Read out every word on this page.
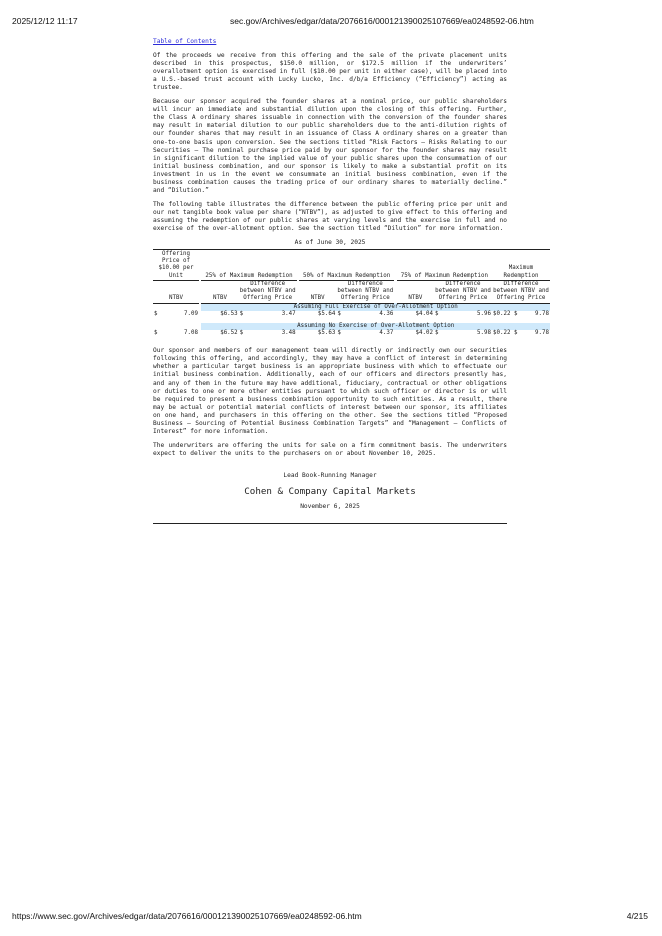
2025/12/12 11:17	sec.gov/Archives/edgar/data/2076616/000121390025107669/ea0248592-06.htm
Table of Contents

Of the proceeds we receive from this offering and the sale of the private placement units described in this prospectus, $150.0 million, or $172.5 million if the underwriters’ overallotment option is exercised in full ($10.00 per unit in either case), will be placed into a U.S.-based trust account with Lucky Lucko, Inc. d/b/a Efficiency (“Efficiency”) acting as trustee.

Because our sponsor acquired the founder shares at a nominal price, our public shareholders will incur an immediate and substantial dilution upon the closing of this offering. Further, the Class A ordinary shares issuable in connection with the conversion of the founder shares may result in material dilution to our public shareholders due to the anti-dilution rights of our founder shares that may result in an issuance of Class A ordinary shares on a greater than one-to-one basis upon conversion. See the sections titled “Risk Factors — Risks Relating to our Securities — The nominal purchase price paid by our sponsor for the founder shares may result in significant dilution to the implied value of your public shares upon the consummation of our initial business combination, and our sponsor is likely to make a substantial profit on its investment in us in the event we consummate an initial business combination, even if the business combination causes the trading price of our ordinary shares to materially decline.” and “Dilution.”

The following table illustrates the difference between the public offering price per unit and our net tangible book value per share (“NTBV”), as adjusted to give effect to this offering and assuming the redemption of our public shares at varying levels and the exercise in full and no exercise of the over-allotment option. See the section titled “Dilution” for more information.

As of June 30, 2025

Offering Price of $10.00 per Unit		25% of Maximum Redemption			50% of Maximum Redemption			75% of Maximum Redemption		Maximum Redemption
NTBV		NTBV	Difference between NTBV and Offering Price		NTBV	Difference between NTBV and Offering Price		NTBV	Difference between NTBV and Offering Price	Difference between NTBV and Offering Price
		Assuming Full Exercise of Over-Allotment Option								

$ 7.09		$6.53	$ 3.47		$5.64	$ 4.36		$4.04	$ 5.96	$0.22 $ 9.78

		Assuming No Exercise of Over-Allotment Option								

$ 7.08		$6.52	$ 3.48		$5.63	$ 4.37		$4.02	$ 5.98	$0.22 $ 9.78

Our sponsor and members of our management team will directly or indirectly own our securities following this offering, and accordingly, they may have a conflict of interest in determining whether a particular target business is an appropriate business with which to effectuate our initial business combination. Additionally, each of our officers and directors presently has, and any of them in the future may have additional, fiduciary, contractual or other obligations or duties to one or more other entities pursuant to which such officer or director is or will be required to present a business combination opportunity to such entities. As a result, there may be actual or potential material conflicts of interest between our sponsor, its affiliates on one hand, and purchasers in this offering on the other. See the sections titled “Proposed Business — Sourcing of Potential Business Combination Targets” and “Management — Conflicts of Interest” for more information.

The underwriters are offering the units for sale on a firm commitment basis. The underwriters expect to deliver the units to the purchasers on or about November 10, 2025.

Lead Book-Running Manager
Cohen & Company Capital Markets
November 6, 2025
https://www.sec.gov/Archives/edgar/data/2076616/000121390025107669/ea0248592-06.htm	4/215
